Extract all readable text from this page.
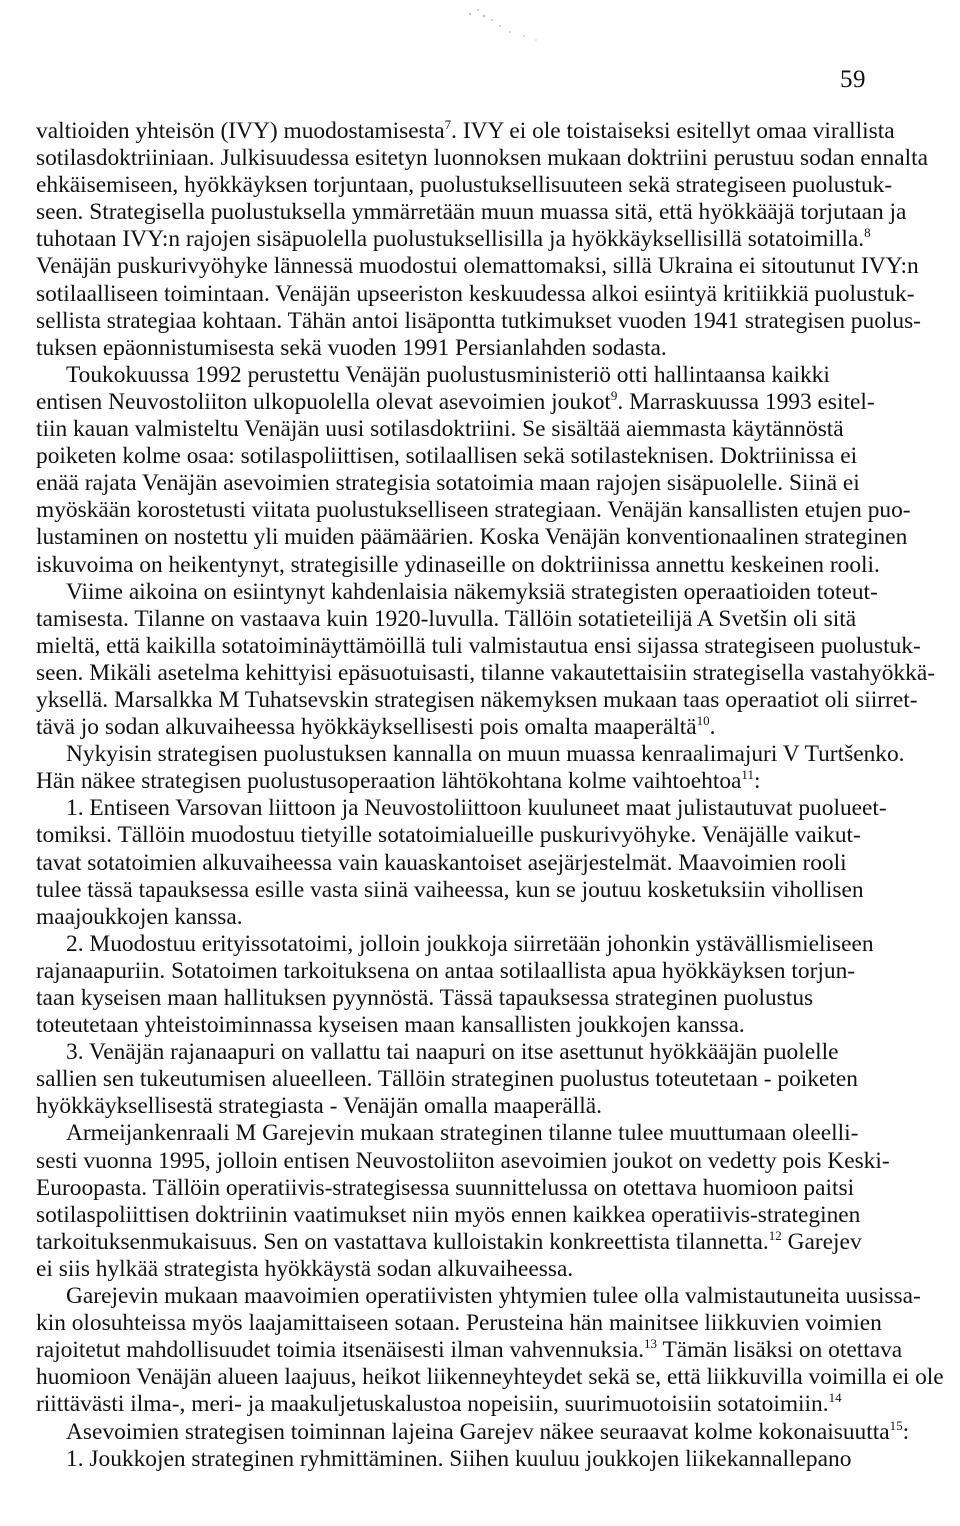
59
valtioiden yhteisön (IVY) muodostamisesta$^7$. IVY ei ole toistaiseksi esitellyt omaa virallista
sotilasdoktriiniaan. Julkisuudessa esitetyn luonnoksen mukaan doktriini perustuu sodan ennalta
ehkäisemiseen, hyökkäyksen torjuntaan, puolustuksellisuuteen sekä strategiseen puolustuk-
seen. Strategisella puolustuksella ymmärretään muun muassa sitä, että hyökkääjä torjutaan ja
tuhotaan IVY:n rajojen sisäpuolella puolustuksellisilla ja hyökkäyksellisillä sotatoimilla.$^8$
Venäjän puskurivyöhyke lännessä muodostui olemattomaksi, sillä Ukraina ei sitoutunut IVY:n
sotilaalliseen toimintaan. Venäjän upseeriston keskuudessa alkoi esiintyä kritiikkiä puolustuk-
sellista strategiaa kohtaan. Tähän antoi lisäpontta tutkimukset vuoden 1941 strategisen puolus-
tuksen epäonnistumisesta sekä vuoden 1991 Persianlahden sodasta.
Toukokuussa 1992 perustettu Venäjän puolustusministeriö otti hallintaansa kaikki
entisen Neuvostoliiton ulkopuolella olevat asevoimien joukot$^9$. Marraskuussa 1993 esitel-
tiin kauan valmisteltu Venäjän uusi sotilasdoktriini. Se sisältää aiemmasta käytännöstä
poiketen kolme osaa: sotilaspoliittisen, sotilaallisen sekä sotilasteknisen. Doktriinissa ei
enää rajata Venäjän asevoimien strategisia sotatoimia maan rajojen sisäpuolelle. Siinä ei
myöskään korostetusti viitata puolustukselliseen strategiaan. Venäjän kansallisten etujen puo-
lustaminen on nostettu yli muiden päämäärien. Koska Venäjän konventionaalinen strateginen
iskuvoima on heikentynyt, strategisille ydinaseille on doktriinissa annettu keskeinen rooli.
Viime aikoina on esiintynyt kahdenlaisia näkemyksiä strategisten operaatioiden toteut-
tamisesta. Tilanne on vastaava kuin 1920-luvulla. Tällöin sotatieteilijä A Svetšin oli sitä
mieltä, että kaikilla sotatoiminäyttämöillä tuli valmistautua ensi sijassa strategiseen puolustuk-
seen. Mikäli asetelma kehittyisi epäsuotuisasti, tilanne vakautettaisiin strategisella vastahyökkä-
yksellä. Marsalkka M Tuhatsevskin strategisen näkemyksen mukaan taas operaatiot oli siirret-
tävä jo sodan alkuvaiheessa hyökkäyksellisesti pois omalta maaperältä$^{10}$.
Nykyisin strategisen puolustuksen kannalla on muun muassa kenraalimajuri V Turtšenko.
Hän näkee strategisen puolustusoperaation lähtökohtana kolme vaihtoehtoa$^{11}$:
1. Entiseen Varsovan liittoon ja Neuvostoliittoon kuuluneet maat julistautuvat puolueet-
tomiksi. Tällöin muodostuu tietyille sotatoimialueille puskurivyöhyke. Venäjälle vaikut-
tavat sotatoimien alkuvaiheessa vain kauaskantoiset asejärjestelmät. Maavoimien rooli
tulee tässä tapauksessa esille vasta siinä vaiheessa, kun se joutuu kosketuksiin vihollisen
maajoukkojen kanssa.
2. Muodostuu erityissotatoimi, jolloin joukkoja siirretään johonkin ystävällismieliseen
rajanaapuriin. Sotatoimen tarkoituksena on antaa sotilaallista apua hyökkäyksen torjun-
taan kyseisen maan hallituksen pyynnöstä. Tässä tapauksessa strateginen puolustus
toteutetaan yhteistoiminnassa kyseisen maan kansallisten joukkojen kanssa.
3. Venäjän rajanaapuri on vallattu tai naapuri on itse asettunut hyökkääjän puolelle
sallien sen tukeutumisen alueelleen. Tällöin strateginen puolustus toteutetaan - poiketen
hyökkäyksellisestä strategiasta - Venäjän omalla maaperällä.
Armeijankenraali M Garejevin mukaan strateginen tilanne tulee muuttumaan oleelli-
sesti vuonna 1995, jolloin entisen Neuvostoliiton asevoimien joukot on vedetty pois Keski-
Euroopasta. Tällöin operatiivis-strategisessa suunnittelussa on otettava huomioon paitsi
sotilaspoliittisen doktriinin vaatimukset niin myös ennen kaikkea operatiivis-strateginen
tarkoituksenmukaisuus. Sen on vastattava kulloistakin konkreettista tilannetta.$^{12}$ Garejev
ei siis hylkää strategista hyökkäystä sodan alkuvaiheessa.
Garejevin mukaan maavoimien operatiivisten yhtymien tulee olla valmistautuneita uusissa-
kin olosuhteissa myös laajamittaiseen sotaan. Perusteina hän mainitsee liikkuvien voimien
rajoitetut mahdollisuudet toimia itsenäisesti ilman vahvennuksia.$^{13}$ Tämän lisäksi on otettava
huomioon Venäjän alueen laajuus, heikot liikenneyhteydet sekä se, että liikkuvilla voimilla ei ole
riittävästi ilma-, meri- ja maakuljetuskalustoa nopeisiin, suurimuotoisiin sotatoimiin.$^{14}$
Asevoimien strategisen toiminnan lajeina Garejev näkee seuraavat kolme kokonaisuutta$^{15}$:
1. Joukkojen strateginen ryhmittäminen. Siihen kuuluu joukkojen liikekannallepano
